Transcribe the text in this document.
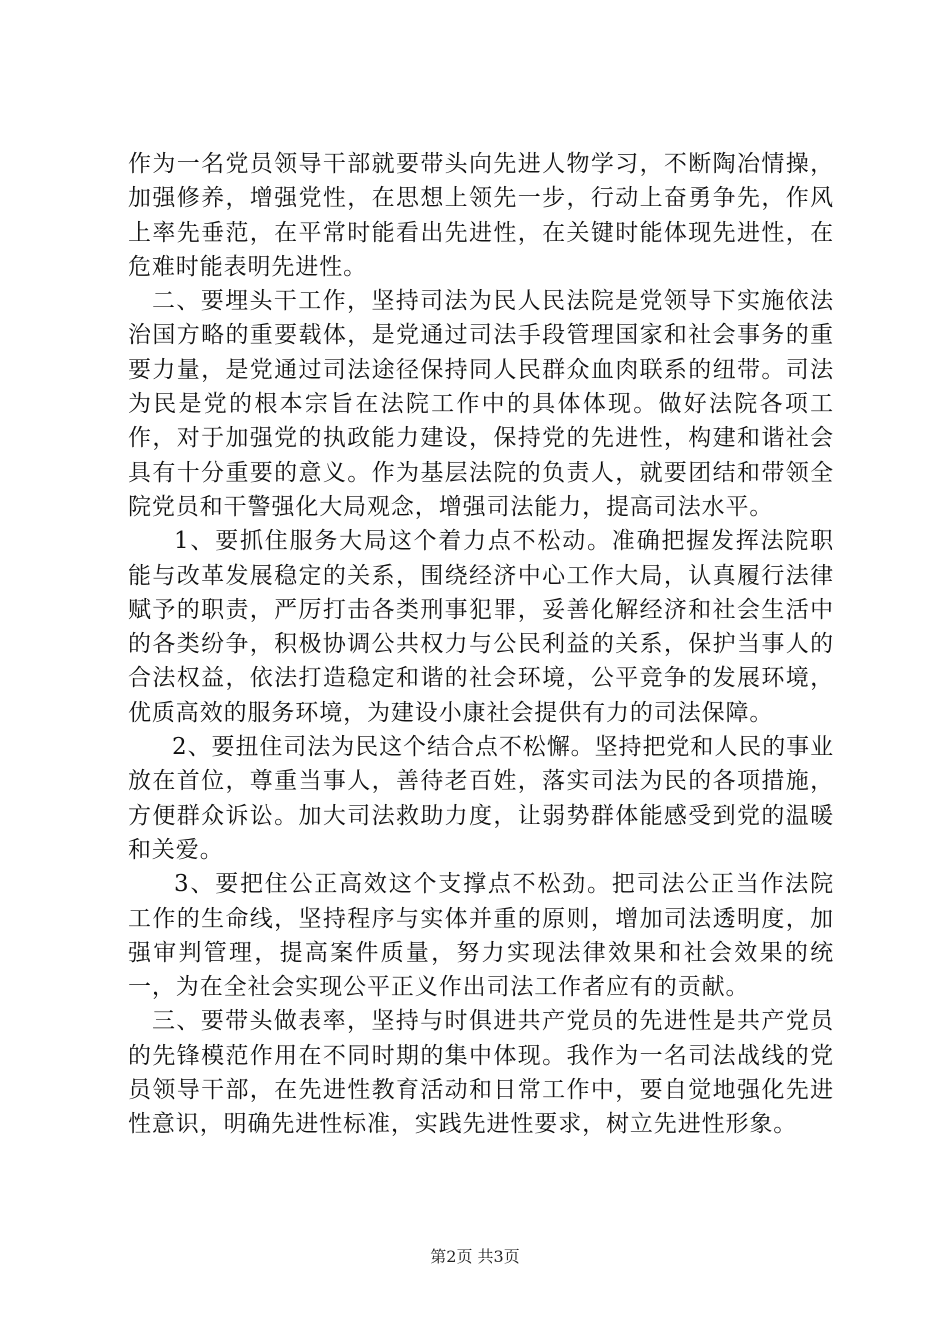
作为一名党员领导干部就要带头向先进人物学习，不断陶冶情操，加强修养，增强党性，在思想上领先一步，行动上奋勇争先，作风上率先垂范，在平常时能看出先进性，在关键时能体现先进性，在危难时能表明先进性。

二、要埋头干工作，坚持司法为民人民法院是党领导下实施依法治国方略的重要载体，是党通过司法手段管理国家和社会事务的重要力量，是党通过司法途径保持同人民群众血肉联系的纽带。司法为民是党的根本宗旨在法院工作中的具体体现。做好法院各项工作，对于加强党的执政能力建设，保持党的先进性，构建和谐社会具有十分重要的意义。作为基层法院的负责人，就要团结和带领全院党员和干警强化大局观念，增强司法能力，提高司法水平。

1、要抓住服务大局这个着力点不松动。准确把握发挥法院职能与改革发展稳定的关系，围绕经济中心工作大局，认真履行法律赋予的职责，严厉打击各类刑事犯罪，妥善化解经济和社会生活中的各类纷争，积极协调公共权力与公民利益的关系，保护当事人的合法权益，依法打造稳定和谐的社会环境，公平竞争的发展环境，优质高效的服务环境，为建设小康社会提供有力的司法保障。

2、要扭住司法为民这个结合点不松懈。坚持把党和人民的事业放在首位，尊重当事人，善待老百姓，落实司法为民的各项措施，方便群众诉讼。加大司法救助力度，让弱势群体能感受到党的温暖和关爱。

3、要把住公正高效这个支撑点不松劲。把司法公正当作法院工作的生命线，坚持程序与实体并重的原则，增加司法透明度，加强审判管理，提高案件质量，努力实现法律效果和社会效果的统一，为在全社会实现公平正义作出司法工作者应有的贡献。

三、要带头做表率，坚持与时俱进共产党员的先进性是共产党员的先锋模范作用在不同时期的集中体现。我作为一名司法战线的党员领导干部，在先进性教育活动和日常工作中，要自觉地强化先进性意识，明确先进性标准，实践先进性要求，树立先进性形象。

第2页 共3页
